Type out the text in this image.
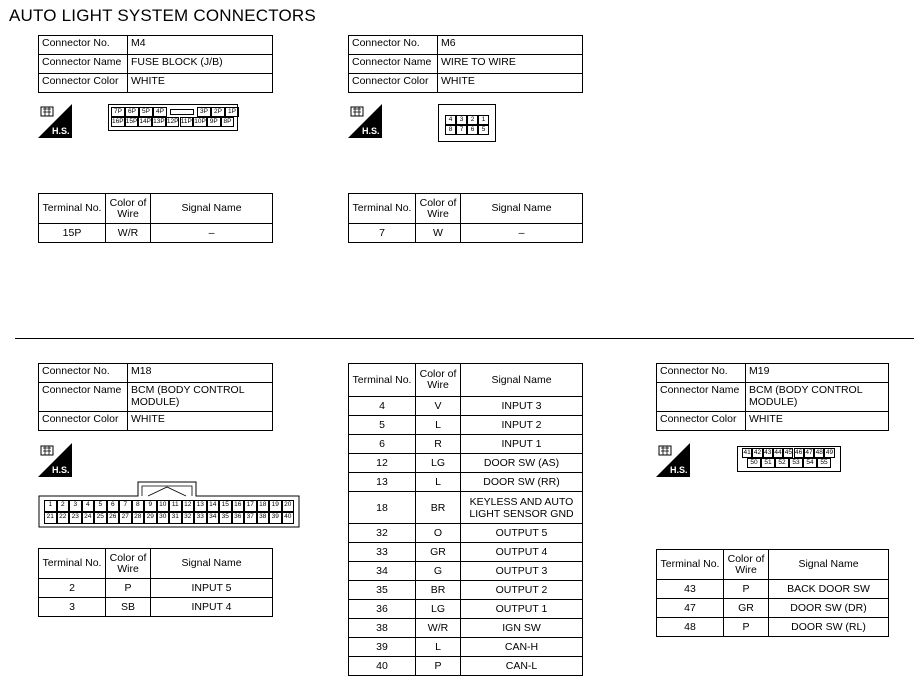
AUTO LIGHT SYSTEM CONNECTORS
Connector No.	M4
Connector Name	FUSE BLOCK (J/B)
Connector Color	WHITE
H.S.
7P 6P 5P 4P	3P 2P 1P
16P 15P 14P 13P 12P 11P 10P 9P 8P
Terminal No.	Color of Wire	Signal Name
15P	W/R	–
Connector No.	M6
Connector Name	WIRE TO WIRE
Connector Color	WHITE
H.S.
4	3	2	1
8	7	6	5
Terminal No.	Color of Wire	Signal Name
7	W	–
Connector No.	M18
Connector Name	BCM (BODY CONTROL MODULE)
Connector Color	WHITE
H.S.
1	2	3	4	5	6	7	8	9	10 11 12 13 14 15 16 17 18 19 20
21 22 23 24 25 26 27 28 29 30 31 32 33 34 35 36 37 38 39 40
Terminal No.	Color of Wire	Signal Name
2	P	INPUT 5
3	SB	INPUT 4
Terminal No.	Color of Wire	Signal Name
4	V	INPUT 3
5	L	INPUT 2
6	R	INPUT 1
12	LG	DOOR SW (AS)
13	L	DOOR SW (RR)
18	BR	KEYLESS AND AUTO LIGHT SENSOR GND
32	O	OUTPUT 5
33	GR	OUTPUT 4
34	G	OUTPUT 3
35	BR	OUTPUT 2
36	LG	OUTPUT 1
38	W/R	IGN SW
39	L	CAN-H
40	P	CAN-L
Connector No.	M19
Connector Name	BCM (BODY CONTROL MODULE)
Connector Color	WHITE
H.S.
41 42 43 44 45 46 47 48 49
50	51	52	53	54	55
Terminal No.	Color of Wire	Signal Name
43	P	BACK DOOR SW
47	GR	DOOR SW (DR)
48	P	DOOR SW (RL)
